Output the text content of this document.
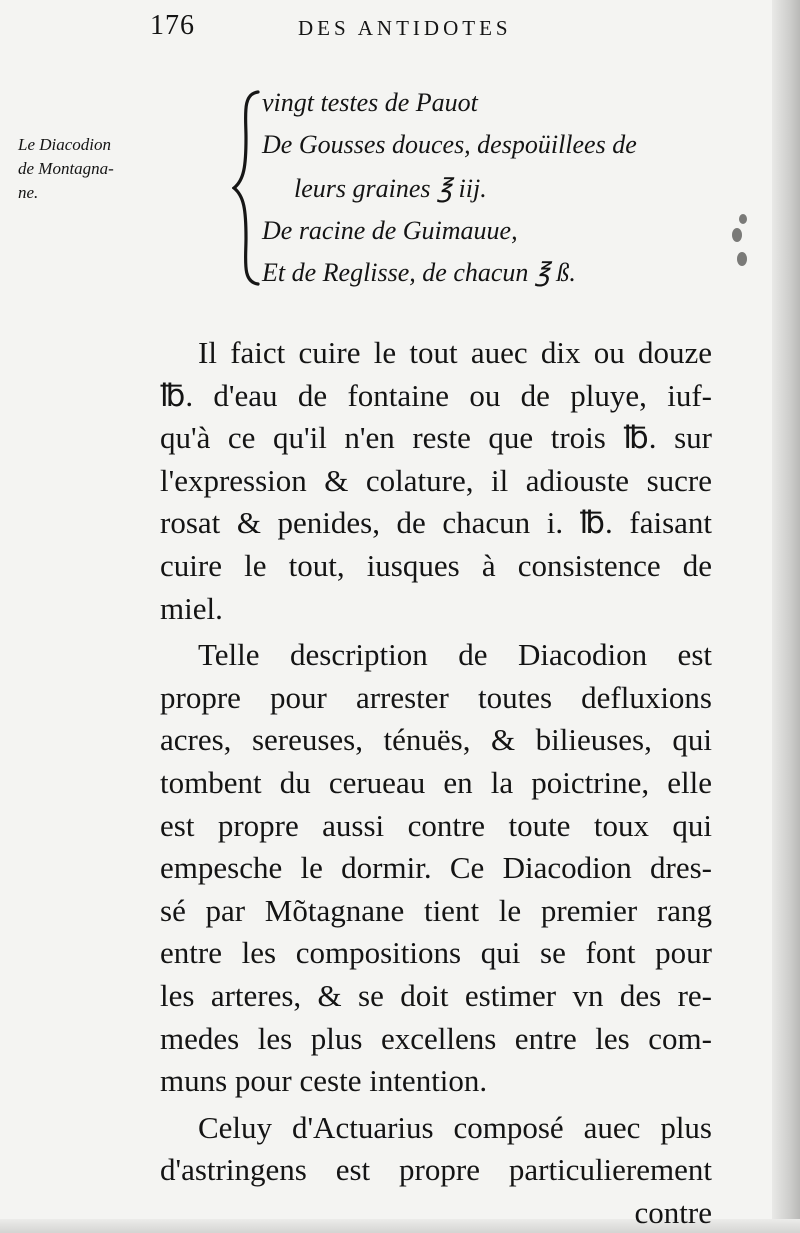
176	DES ANTIDOTES
Le Diacodion
de Montagna-
ne.
vingt testes de Pauot
De Gousses douces, despoüillees de
leurs graines ℥ iij.
De racine de Guimauue,
Et de Reglisse, de chacun ℥ ß.
Il faict cuire le tout auec dix ou douze
℔. d'eau de fontaine ou de pluye, iuf-
qu'à ce qu'il n'en reste que trois ℔. sur
l'expression & colature, il adiouste sucre
rosat & penides, de chacun i. ℔. faisant
cuire le tout, iusques à consistence de
miel.
Telle description de Diacodion est
propre pour arrester toutes defluxions
acres, sereuses, ténuës, & bilieuses, qui
tombent du cerueau en la poictrine, elle
est propre aussi contre toute toux qui
empesche le dormir. Ce Diacodion dres-
sé par Mõtagnane tient le premier rang
entre les compositions qui se font pour
les arteres, & se doit estimer vn des re-
medes les plus excellens entre les com-
muns pour ceste intention.
Celuy d'Actuarius composé auec plus
d'astringens est propre particulierement
contre
